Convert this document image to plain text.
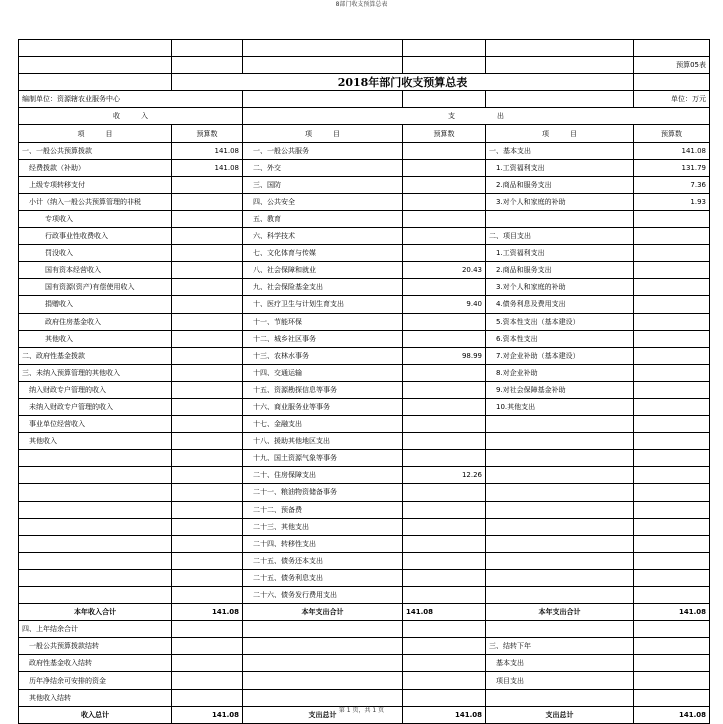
8部门收支预算总表

					预算05表
	2018年部门收支预算总表				
编制单位：资源辖农业服务中心					单位：万元
收　　　入		支　　　　　　出			
项　　　目	预算数	项　　　目	预算数	项　　　目	预算数
一、一般公共预算拨款	141.08	一、一般公共服务		一、基本支出	141.08
经费拨款（补助）	141.08	二、外交		1.工资福利支出	131.79
上级专项转移支付		三、国防		2.商品和服务支出	7.36
小计（纳入一般公共预算管理的非税		四、公共安全		3.对个人和家庭的补助	1.93
专项收入		五、教育			
行政事业性收费收入		六、科学技术		二、项目支出	
罚没收入		七、文化体育与传媒		1.工资福利支出	
国有资本经营收入		八、社会保障和就业	20.43	2.商品和服务支出	
国有资源(资产)有偿使用收入		九、社会保险基金支出		3.对个人和家庭的补助	
捐赠收入		十、医疗卫生与计划生育支出	9.40	4.债务利息及费用支出	
政府住房基金收入		十一、节能环保		5.资本性支出（基本建设）	
其他收入		十二、城乡社区事务		6.资本性支出	
二、政府性基金拨款		十三、农林水事务	98.99	7.对企业补助（基本建设）	
三、未纳入预算管理的其他收入		十四、交通运输		8.对企业补助	
纳入财政专户管理的收入		十五、资源勘探信息等事务		9.对社会保障基金补助	
未纳入财政专户管理的收入		十六、商业服务业等事务		10.其他支出	
事业单位经营收入		十七、金融支出			
其他收入		十八、援助其他地区支出			
		十九、国土资源气象等事务			
		二十、住房保障支出	12.26		
		二十一、粮油物资储备事务			
		二十二、预备费			
		二十三、其他支出			
		二十四、转移性支出			
		二十五、债务还本支出			
		二十五、债务利息支出			
		二十六、债务发行费用支出			
本年收入合计	141.08	本年支出合计	141.08	本年支出合计	141.08
四、上年结余合计					
一般公共预算拨款结转				三、结转下年	
政府性基金收入结转				基本支出	
历年净结余可安排的资金				项目支出	
其他收入结转					
收入总计	141.08	支出总计	141.08	支出总计	141.08
第 1 页，共 1 页
